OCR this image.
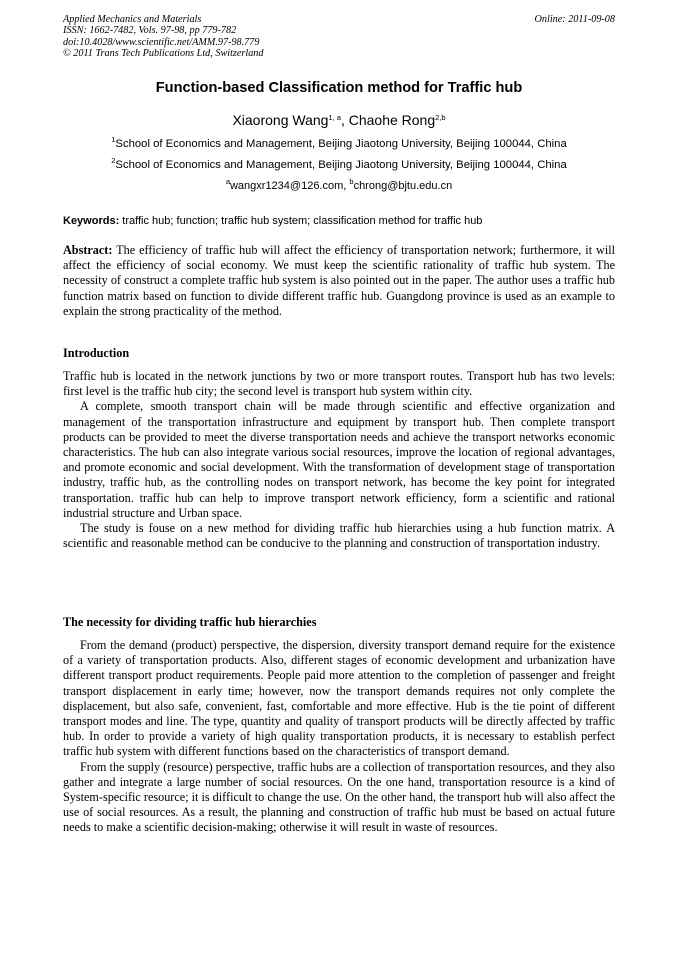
Applied Mechanics and Materials
ISSN: 1662-7482, Vols. 97-98, pp 779-782
doi:10.4028/www.scientific.net/AMM.97-98.779
© 2011 Trans Tech Publications Ltd, Switzerland
Online: 2011-09-08
Function-based Classification method for Traffic hub
Xiaorong Wang$^{1, a}$, Chaohe Rong$^{2,b}$
$^1$School of Economics and Management, Beijing Jiaotong University, Beijing 100044, China
$^2$School of Economics and Management, Beijing Jiaotong University, Beijing 100044, China
$^a$wangxr1234@126.com, $^b$chrong@bjtu.edu.cn
Keywords: traffic hub; function; traffic hub system; classification method for traffic hub

Abstract: The efficiency of traffic hub will affect the efficiency of transportation network; furthermore, it will affect the efficiency of social economy. We must keep the scientific rationality of traffic hub system. The necessity of construct a complete traffic hub system is also pointed out in the paper. The author uses a traffic hub function matrix based on function to divide different traffic hub. Guangdong province is used as an example to explain the strong practicality of the method.

Introduction

Traffic hub is located in the network junctions by two or more transport routes. Transport hub has two levels: first level is the traffic hub city; the second level is transport hub system within city.

A complete, smooth transport chain will be made through scientific and effective organization and management of the transportation infrastructure and equipment by transport hub. Then complete transport products can be provided to meet the diverse transportation needs and achieve the transport networks economic characteristics. The hub can also integrate various social resources, improve the location of regional advantages, and promote economic and social development. With the transformation of development stage of transportation industry, traffic hub, as the controlling nodes on transport network, has become the key point for integrated transportation. traffic hub can help to improve transport network efficiency, form a scientific and rational industrial structure and Urban space.

The study is fouse on a new method for dividing traffic hub hierarchies using a hub function matrix. A scientific and reasonable method can be conducive to the planning and construction of transportation industry.

The necessity for dividing traffic hub hierarchies

From the demand (product) perspective, the dispersion, diversity transport demand require for the existence of a variety of transportation products. Also, different stages of economic development and urbanization have different transport product requirements. People paid more attention to the completion of passenger and freight transport displacement in early time; however, now the transport demands requires not only complete the displacement, but also safe, convenient, fast, comfortable and more effective. Hub is the tie point of different transport modes and line. The type, quantity and quality of transport products will be directly affected by traffic hub. In order to provide a variety of high quality transportation products, it is necessary to establish perfect traffic hub system with different functions based on the characteristics of transport demand.

From the supply (resource) perspective, traffic hubs are a collection of transportation resources, and they also gather and integrate a large number of social resources. On the one hand, transportation resource is a kind of System-specific resource; it is difficult to change the use. On the other hand, the transport hub will also affect the use of social resources. As a result, the planning and construction of traffic hub must be based on actual future needs to make a scientific decision-making; otherwise it will result in waste of resources.
